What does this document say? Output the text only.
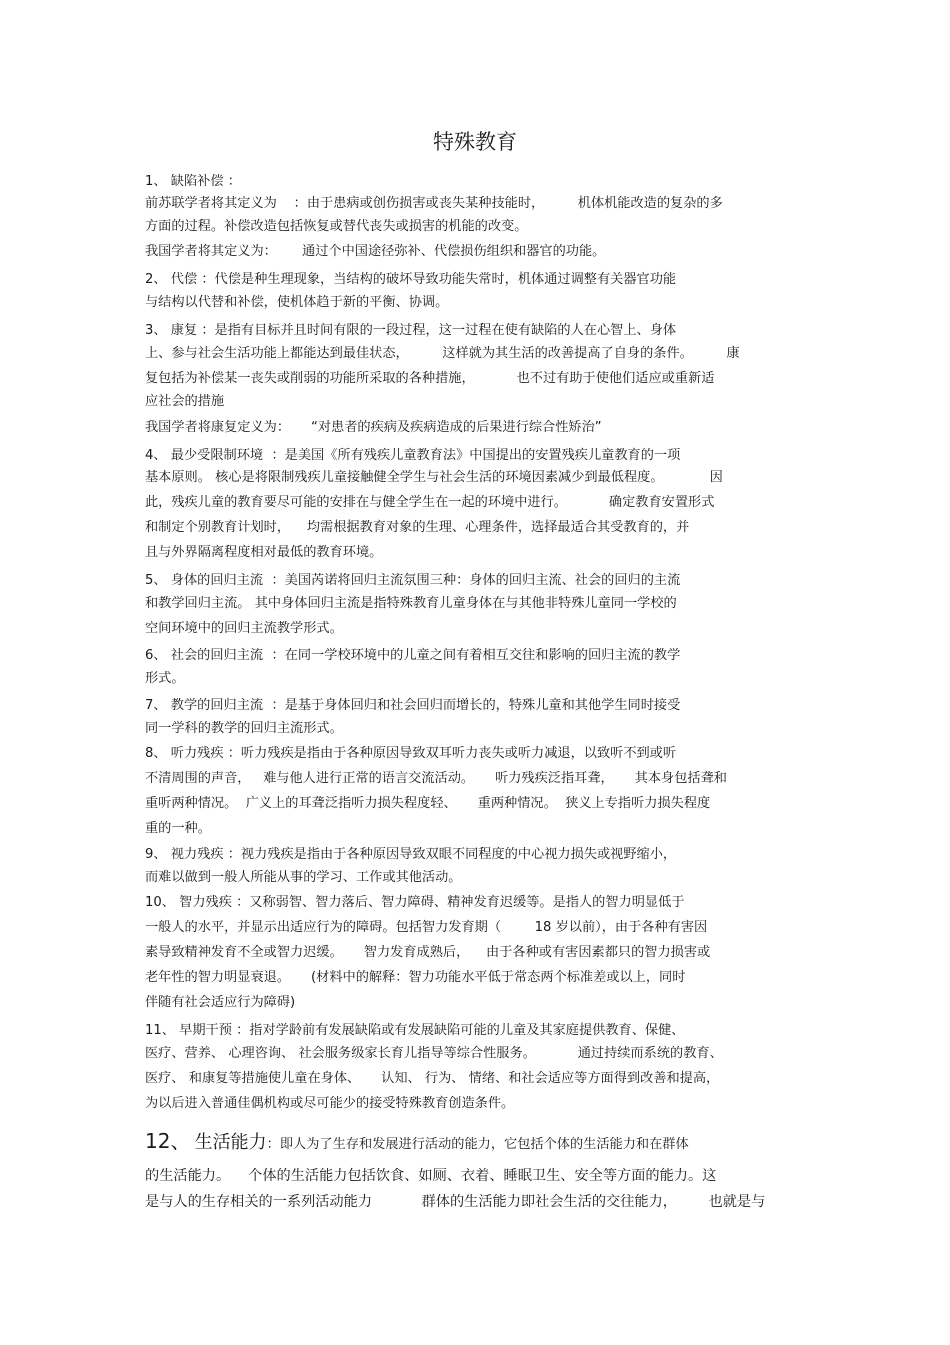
特殊教育
1、 缺陷补偿 ：
前苏联学者将其定义为    ：由于患病或创伤损害或丧失某种技能时，        机体机能改造的复杂的多
方面的过程。补偿改造包括恢复或替代丧失或损害的机能的改变。
我国学者将其定义为：      通过个中国途径弥补、代偿损伤组织和器官的功能。
2、 代偿 ：代偿是种生理现象，当结构的破坏导致功能失常时，机体通过调整有关器官功能
与结构以代替和补偿，使机体趋于新的平衡、协调。
3、 康复 ：是指有目标并且时间有限的一段过程，这一过程在使有缺陷的人在心智上、身体
上、参与社会生活功能上都能达到最佳状态，        这样就为其生活的改善提高了自身的条件。        康
复包括为补偿某一丧失或削弱的功能所采取的各种措施，          也不过有助于使他们适应或重新适
应社会的措施
我国学者将康复定义为：     “对患者的疾病及疾病造成的后果进行综合性矫治”
4、 最少受限制环境  ：是美国《所有残疾儿童教育法》中国提出的安置残疾儿童教育的一项
基本原则。 核心是将限制残疾儿童接触健全学生与社会生活的环境因素减少到最低程度。           因
此，残疾儿童的教育要尽可能的安排在与健全学生在一起的环境中进行。          确定教育安置形式
和制定个别教育计划时，    均需根据教育对象的生理、心理条件，选择最适合其受教育的，并
且与外界隔离程度相对最低的教育环境。
5、 身体的回归主流  ：美国芮诺将回归主流氛围三种：身体的回归主流、社会的回归的主流
和教学回归主流。 其中身体回归主流是指特殊教育儿童身体在与其他非特殊儿童同一学校的
空间环境中的回归主流教学形式。
6、 社会的回归主流  ：在同一学校环境中的儿童之间有着相互交往和影响的回归主流的教学
形式。
7、 教学的回归主流  ：是基于身体回归和社会回归而增长的，特殊儿童和其他学生同时接受
同一学科的教学的回归主流形式。
8、 听力残疾 ：听力残疾是指由于各种原因导致双耳听力丧失或听力减退，以致听不到或听
不清周围的声音，   难与他人进行正常的语言交流活动。     听力残疾泛指耳聋，     其本身包括聋和
重听两种情况。  广义上的耳聋泛指听力损失程度轻、     重两种情况。  狭义上专指听力损失程度
重的一种。
9、 视力残疾 ：视力残疾是指由于各种原因导致双眼不同程度的中心视力损失或视野缩小，
而难以做到一般人所能从事的学习、工作或其他活动。
10、 智力残疾 ：又称弱智、智力落后、智力障碍、精神发育迟缓等。是指人的智力明显低于
一般人的水平，并显示出适应行为的障碍。包括智力发育期（        18 岁以前），由于各种有害因
素导致精神发育不全或智力迟缓。     智力发育成熟后，    由于各种或有害因素都只的智力损害或
老年性的智力明显衰退。     (材料中的解释：智力功能水平低于常态两个标准差或以上，同时
伴随有社会适应行为障碍)
11、 早期干预 ：指对学龄前有发展缺陷或有发展缺陷可能的儿童及其家庭提供教育、保健、
医疗、营养、 心理咨询、 社会服务级家长育儿指导等综合性服务。          通过持续而系统的教育、
医疗、 和康复等措施使儿童在身体、     认知、 行为、 情绪、和社会适应等方面得到改善和提高，
为以后进入普通佳偶机构或尽可能少的接受特殊教育创造条件。
12、 生活能力：即人为了生存和发展进行活动的能力，它包括个体的生活能力和在群体
的生活能力。    个体的生活能力包括饮食、如厕、衣着、睡眠卫生、安全等方面的能力。这
是与人的生存相关的一系列活动能力           群体的生活能力即社会生活的交往能力，       也就是与
